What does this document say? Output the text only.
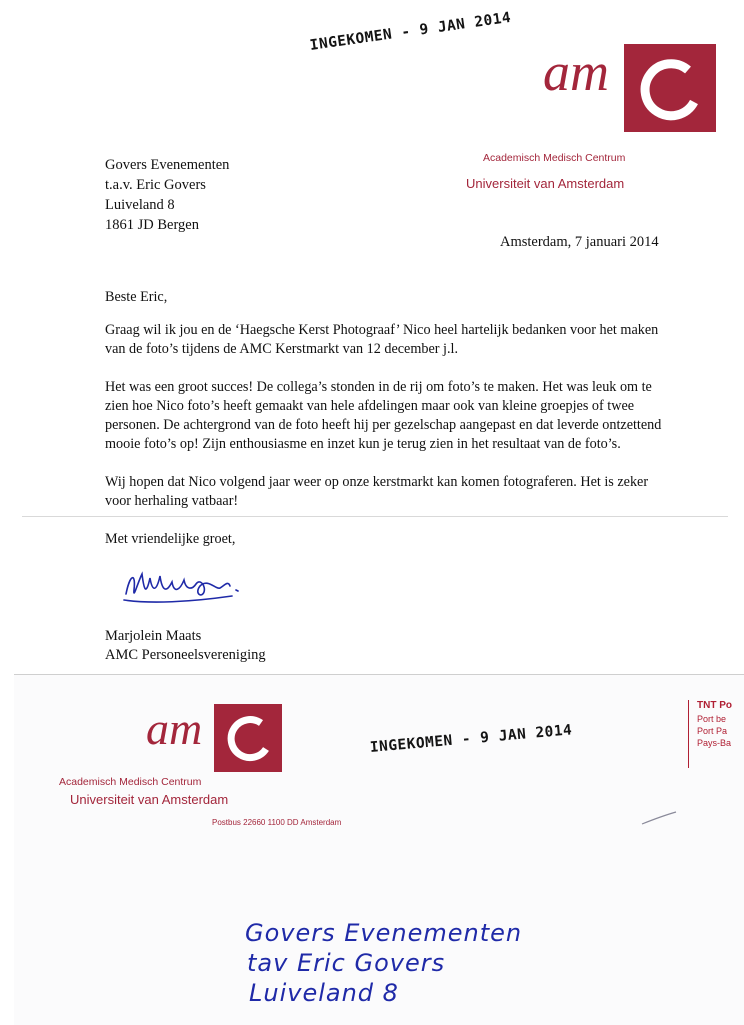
INGEKOMEN - 9 JAN 2014
am
Academisch Medisch Centrum
Universiteit van Amsterdam
Govers Evenementen
t.a.v. Eric Govers
Luiveland 8
1861 JD Bergen
Amsterdam, 7 januari 2014

Beste Eric,

Graag wil ik jou en de ‘Haegsche Kerst Photograaf’ Nico heel hartelijk bedanken voor het maken van de foto’s tijdens de AMC Kerstmarkt van 12 december j.l.

Het was een groot succes! De collega’s stonden in de rij om foto’s te maken. Het was leuk om te zien hoe Nico foto’s heeft gemaakt van hele afdelingen maar ook van kleine groepjes of twee personen. De achtergrond van de foto heeft hij per gezelschap aangepast en dat leverde ontzettend mooie foto’s op! Zijn enthousiasme en inzet kun je terug zien in het resultaat van de foto’s.

Wij hopen dat Nico volgend jaar weer op onze kerstmarkt kan komen fotograferen. Het is zeker voor herhaling vatbaar!

Met vriendelijke groet,

Marjolein Maats
AMC Personeelsvereniging
am
Academisch Medisch Centrum
Universiteit van Amsterdam
Postbus 22660 1100 DD Amsterdam
INGEKOMEN - 9 JAN 2014
TNT Po
Port be
Port Pa
Pays-Ba
Govers Evenementen
tav Eric Govers
Luiveland 8
